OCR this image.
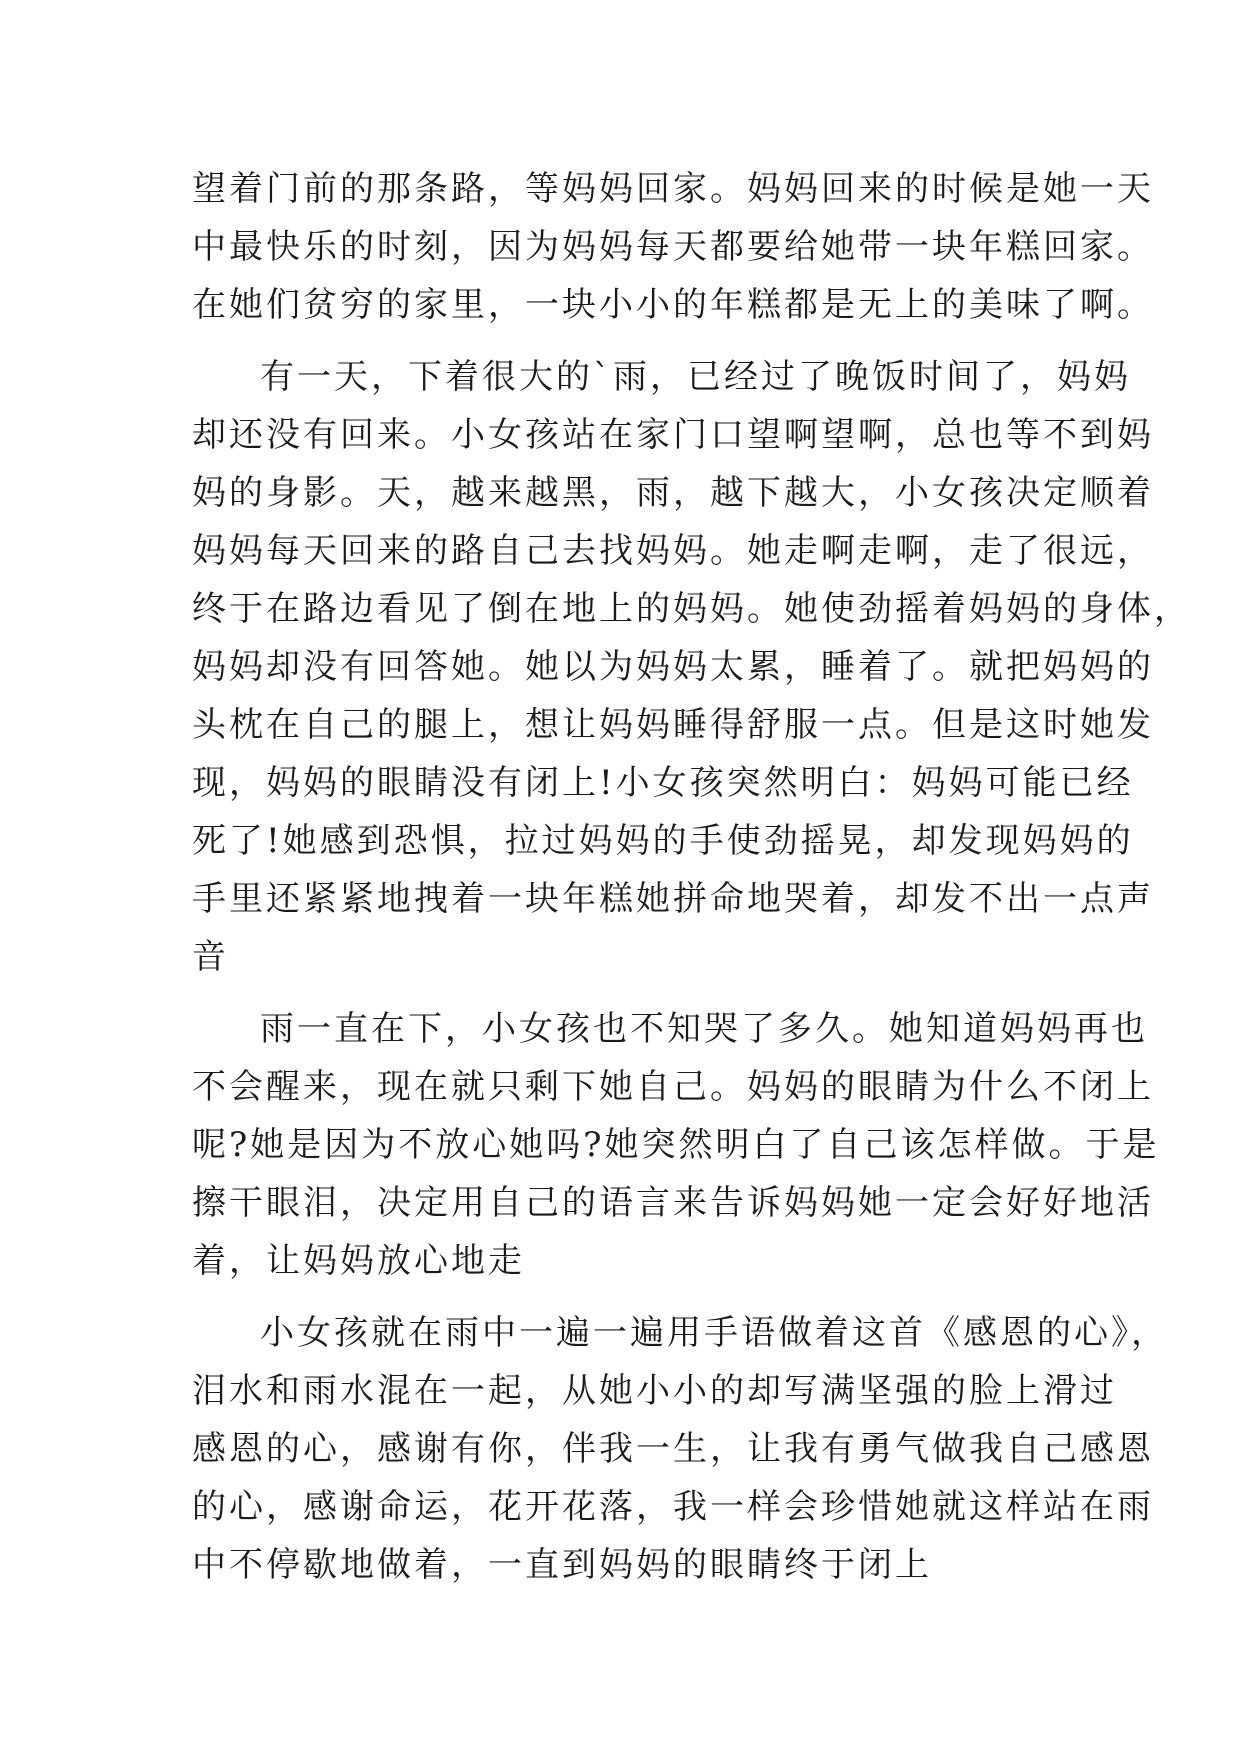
望着门前的那条路，等妈妈回家。妈妈回来的时候是她一天
中最快乐的时刻，因为妈妈每天都要给她带一块年糕回家。
在她们贫穷的家里，一块小小的年糕都是无上的美味了啊。
有一天，下着很大的`雨，已经过了晚饭时间了，妈妈
却还没有回来。小女孩站在家门口望啊望啊，总也等不到妈
妈的身影。天，越来越黑，雨，越下越大，小女孩决定顺着
妈妈每天回来的路自己去找妈妈。她走啊走啊，走了很远，
终于在路边看见了倒在地上的妈妈。她使劲摇着妈妈的身体，
妈妈却没有回答她。她以为妈妈太累，睡着了。就把妈妈的
头枕在自己的腿上，想让妈妈睡得舒服一点。但是这时她发
现，妈妈的眼睛没有闭上!小女孩突然明白：妈妈可能已经
死了!她感到恐惧，拉过妈妈的手使劲摇晃，却发现妈妈的
手里还紧紧地拽着一块年糕她拼命地哭着，却发不出一点声
音
雨一直在下，小女孩也不知哭了多久。她知道妈妈再也
不会醒来，现在就只剩下她自己。妈妈的眼睛为什么不闭上
呢?她是因为不放心她吗?她突然明白了自己该怎样做。于是
擦干眼泪，决定用自己的语言来告诉妈妈她一定会好好地活
着，让妈妈放心地走
小女孩就在雨中一遍一遍用手语做着这首《感恩的心》，
泪水和雨水混在一起，从她小小的却写满坚强的脸上滑过
感恩的心，感谢有你，伴我一生，让我有勇气做我自己感恩
的心，感谢命运，花开花落，我一样会珍惜她就这样站在雨
中不停歇地做着，一直到妈妈的眼睛终于闭上
